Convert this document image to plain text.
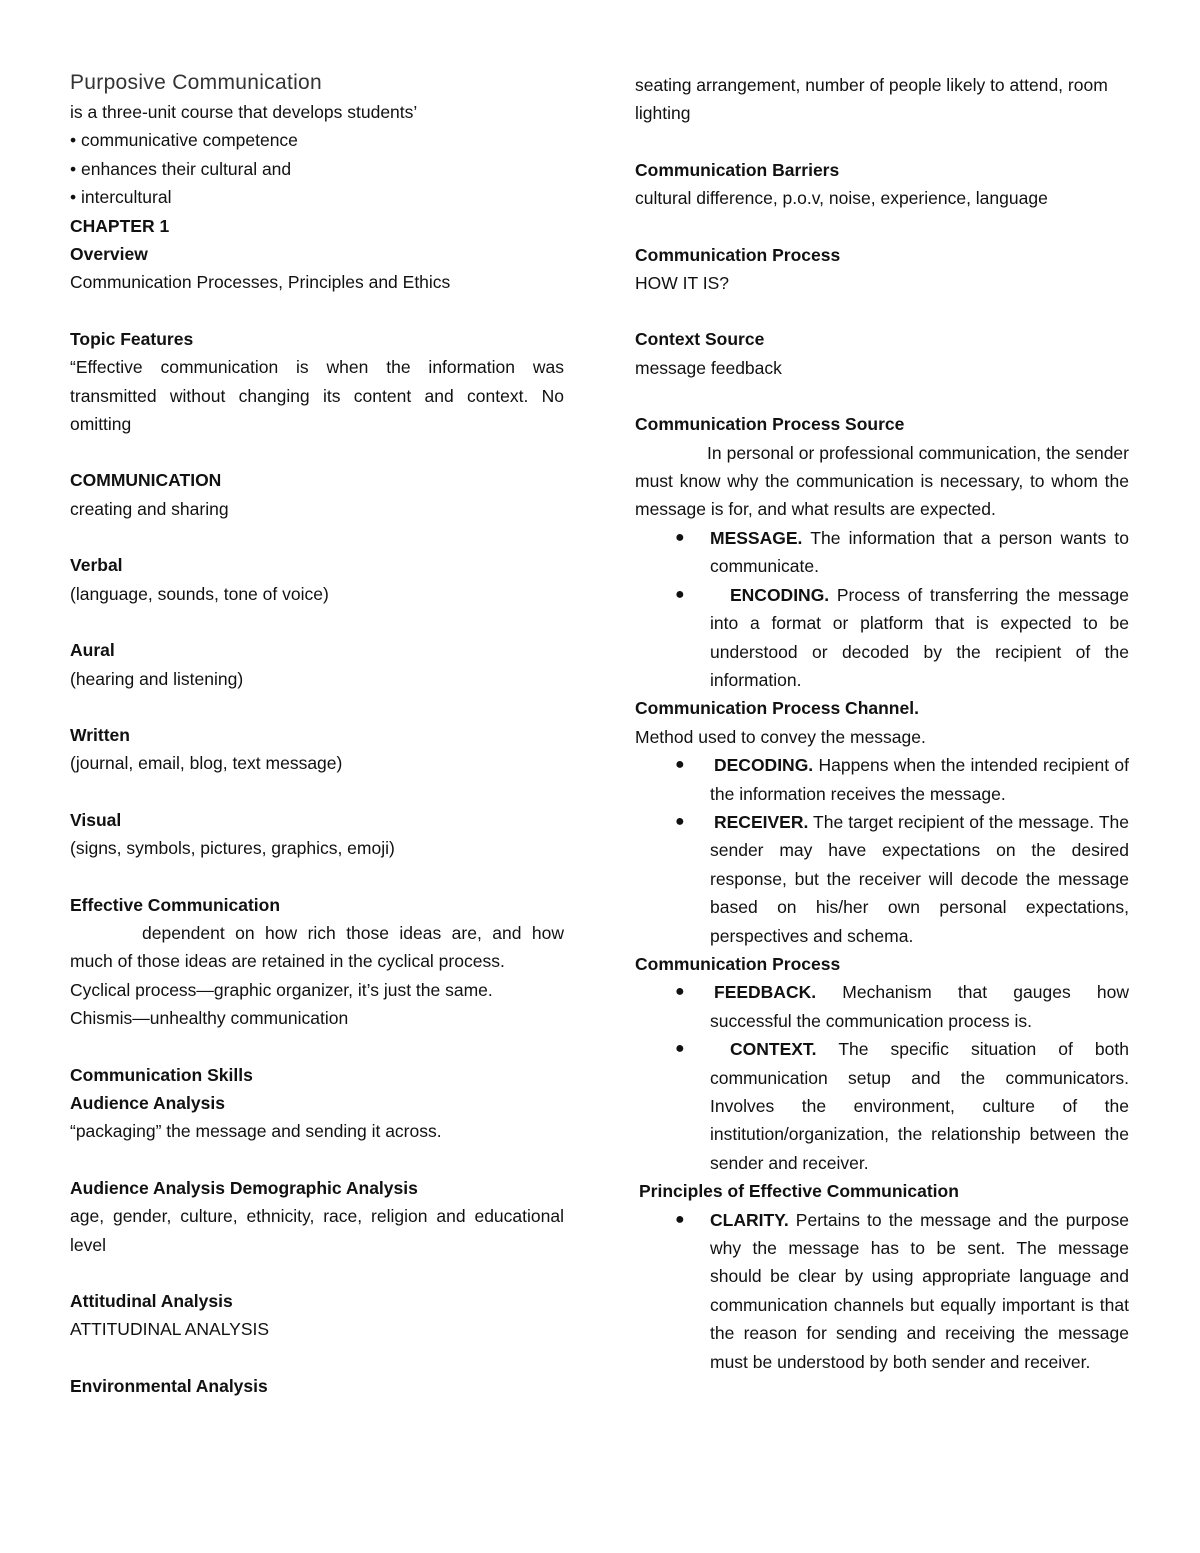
Purposive Communication
is a three-unit course that develops students’
• communicative competence
• enhances their cultural and
• intercultural
CHAPTER 1
Overview
Communication Processes, Principles and Ethics
Topic Features
“Effective communication is when the information was transmitted without changing its content and context. No omitting
COMMUNICATION
creating and sharing
Verbal
(language, sounds, tone of voice)
Aural
(hearing and listening)
Written
(journal, email, blog, text message)
Visual
(signs, symbols, pictures, graphics, emoji)
Effective Communication
dependent on how rich those ideas are, and how much of those ideas are retained in the cyclical process.
Cyclical process—graphic organizer, it’s just the same.
Chismis—unhealthy communication
Communication Skills
Audience Analysis
“packaging” the message and sending it across.
Audience Analysis Demographic Analysis
age, gender, culture, ethnicity, race, religion and educational level
Attitudinal Analysis
ATTITUDINAL ANALYSIS
Environmental Analysis
seating arrangement, number of people likely to attend, room lighting
Communication Barriers
cultural difference, p.o.v, noise, experience, language
Communication Process
HOW IT IS?
Context Source
message feedback
Communication Process Source
In personal or professional communication, the sender must know why the communication is necessary, to whom the message is for, and what results are expected.
● MESSAGE. The information that a person wants to communicate.
●	ENCODING. Process of transferring the message into a format or platform that is expected to be understood or decoded by the recipient of the information.
Communication Process Channel.
Method used to convey the message.
● DECODING. Happens when the intended recipient of the information receives the message.
● RECEIVER. The target recipient of the message. The sender may have expectations on the desired response, but the receiver will decode the message based on his/her own personal expectations, perspectives and schema.
Communication Process
● FEEDBACK. Mechanism that gauges how successful the communication process is.
●	CONTEXT. The specific situation of both communication setup and the communicators. Involves the environment, culture of the institution/organization, the relationship between the sender and receiver.
Principles of Effective Communication
● CLARITY. Pertains to the message and the purpose why the message has to be sent. The message should be clear by using appropriate language and communication channels but equally important is that the reason for sending and receiving the message must be understood by both sender and receiver.
